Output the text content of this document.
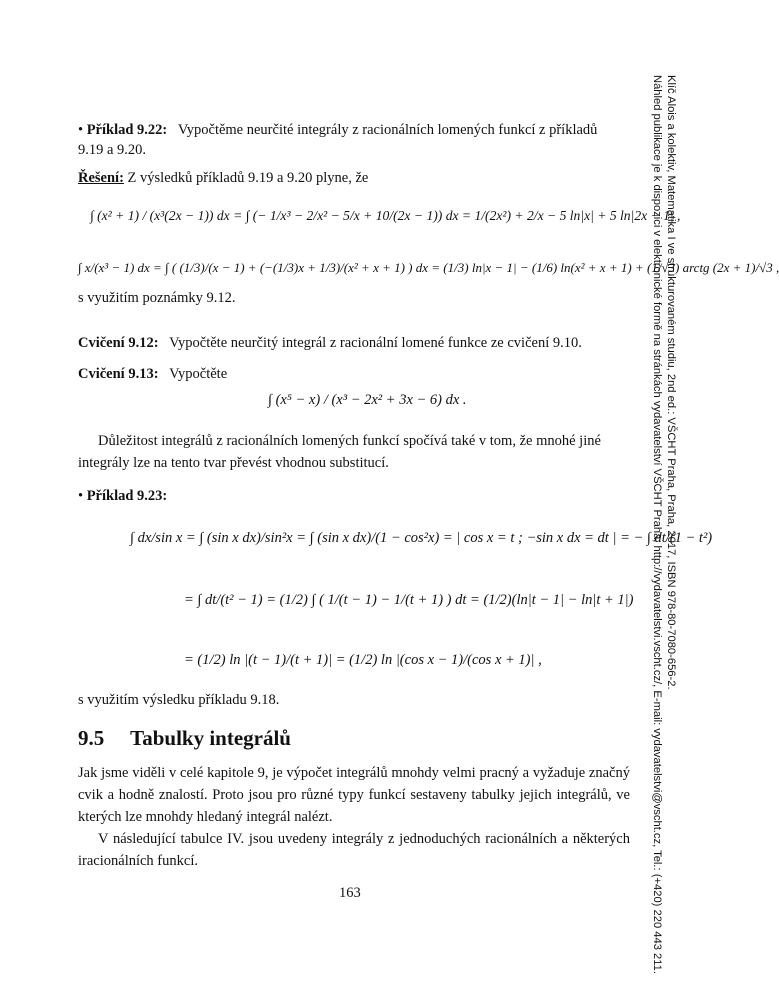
Klíč Alois a kolektiv, Matematika I ve strukturovaném studiu, 2nd ed.: VŠCHT Praha, Praha, 2017, ISBN 978-80-7080-656-2.
Náhled publikace je k dispozici v elektronické formě na stránkách vydavatelství VŠCHT Praha, http://vydavatelstvi.vscht.cz/, E-mail: vydavatelstvi@vscht.cz, Tel.: (+420) 220 443 211.
• Příklad 9.22: Vypočtěme neurčité integrály z racionálních lomených funkcí z příkladů
9.19 a 9.20.
Řešení: Z výsledků příkladů 9.19 a 9.20 plyne, že
∫ (x² + 1) / (x³(2x − 1)) dx = ∫ (− 1/x³ − 2/x² − 5/x + 10/(2x − 1)) dx = 1/(2x²) + 2/x − 5 ln|x| + 5 ln|2x − 1| ,
∫ x/(x³ − 1) dx = ∫ ( (1/3)/(x − 1) + (−(1/3)x + 1/3)/(x² + x + 1) ) dx = (1/3) ln|x − 1| − (1/6) ln(x² + x + 1) + (1/√3) arctg (2x + 1)/√3 ,
s využitím poznámky 9.12.
Cvičení 9.12: Vypočtěte neurčitý integrál z racionální lomené funkce ze cvičení 9.10.
Cvičení 9.13: Vypočtěte
∫ (x⁵ − x) / (x³ − 2x² + 3x − 6) dx .
Důležitost integrálů z racionálních lomených funkcí spočívá také v tom, že mnohé jiné
integrály lze na tento tvar převést vhodnou substitucí.
• Příklad 9.23:
∫ dx/sin x = ∫ (sin x dx)/sin²x = ∫ (sin x dx)/(1 − cos²x) = | cos x = t ; −sin x dx = dt | = − ∫ dt/(1 − t²)
= ∫ dt/(t² − 1) = (1/2) ∫ ( 1/(t − 1) − 1/(t + 1) ) dt = (1/2)(ln|t − 1| − ln|t + 1|)
= (1/2) ln |(t − 1)/(t + 1)| = (1/2) ln |(cos x − 1)/(cos x + 1)| ,
s využitím výsledku příkladu 9.18.
9.5 Tabulky integrálů
Jak jsme viděli v celé kapitole 9, je výpočet integrálů mnohdy velmi pracný a vyžaduje značný cvik a hodně znalostí. Proto jsou pro různé typy funkcí sestaveny tabulky jejich integrálů, ve kterých lze mnohdy hledaný integrál nalézt.
V následující tabulce IV. jsou uvedeny integrály z jednoduchých racionálních a některých iracionálních funkcí.
163
